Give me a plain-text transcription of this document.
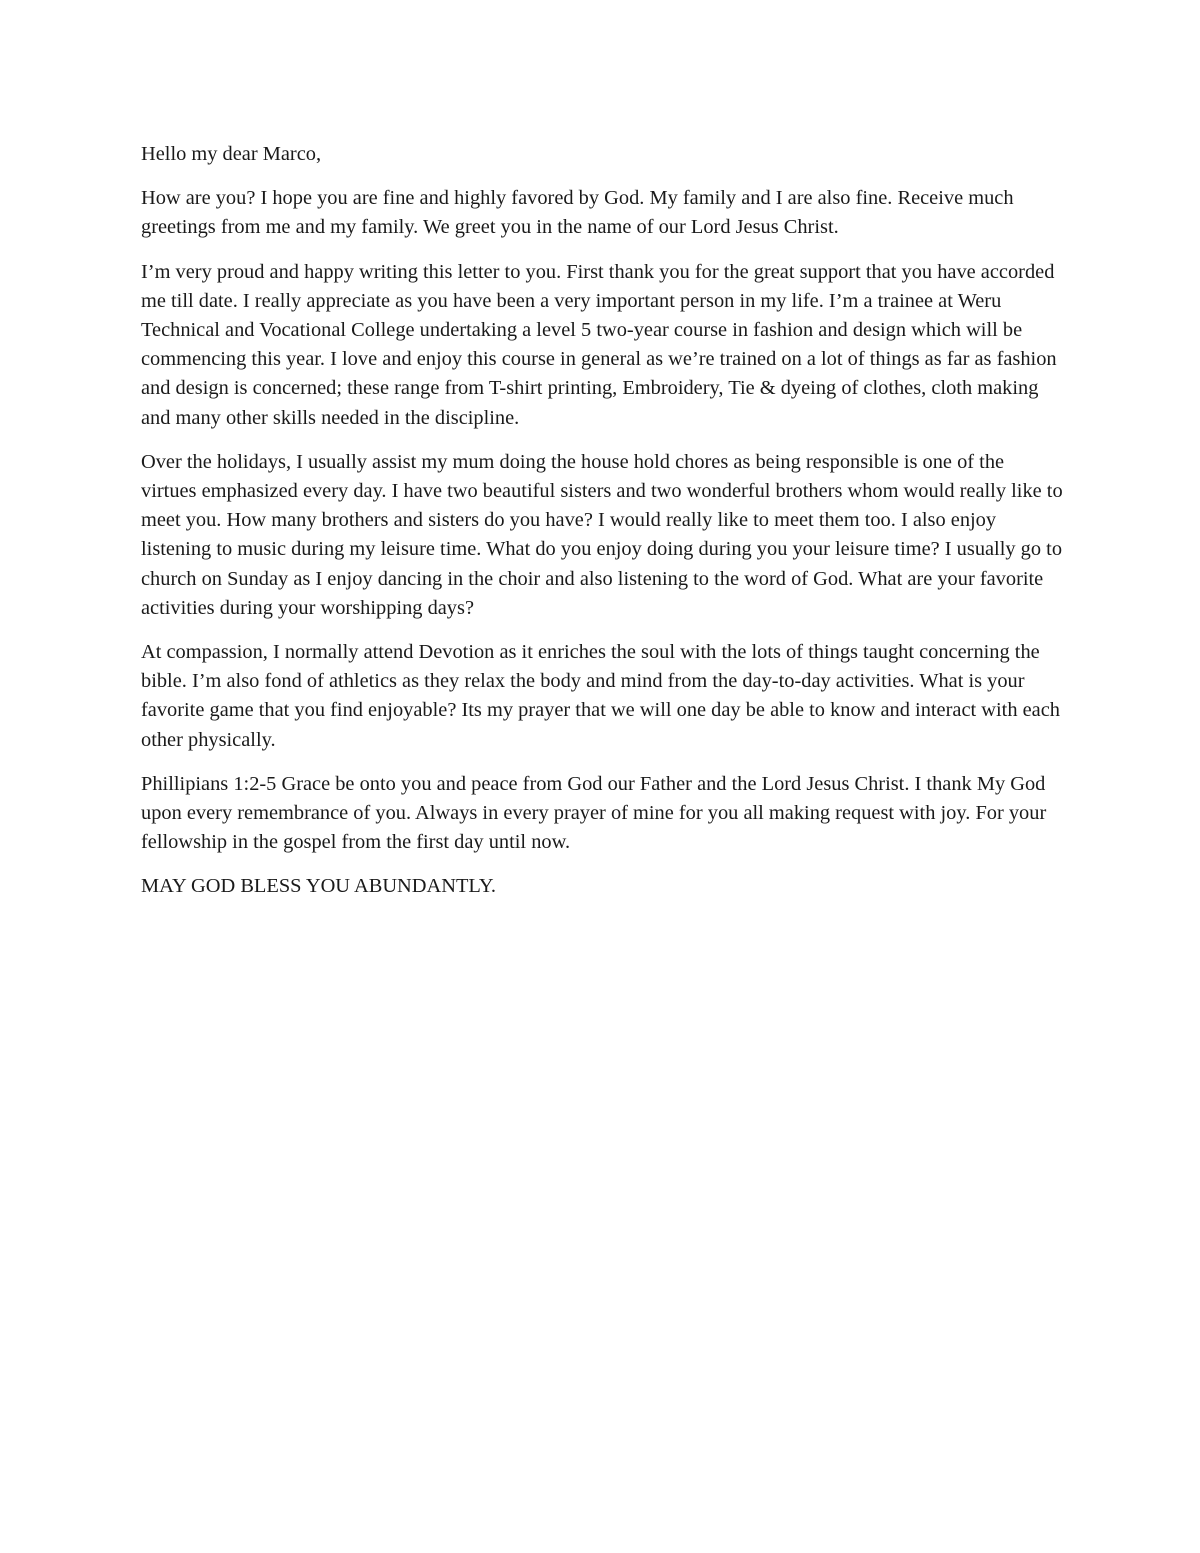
Hello my dear Marco,

How are you? I hope you are fine and highly favored by God. My family and I are also fine. Receive much greetings from me and my family. We greet you in the name of our Lord Jesus Christ.

I’m very proud and happy writing this letter to you. First thank you for the great support that you have accorded me till date. I really appreciate as you have been a very important person in my life. I’m a trainee at Weru Technical and Vocational College undertaking a level 5 two-year course in fashion and design which will be commencing this year. I love and enjoy this course in general as we’re trained on a lot of things as far as fashion and design is concerned; these range from T-shirt printing, Embroidery, Tie & dyeing of clothes, cloth making and many other skills needed in the discipline.

Over the holidays, I usually assist my mum doing the house hold chores as being responsible is one of the virtues emphasized every day. I have two beautiful sisters and two wonderful brothers whom would really like to meet you. How many brothers and sisters do you have? I would really like to meet them too. I also enjoy listening to music during my leisure time. What do you enjoy doing during you your leisure time? I usually go to church on Sunday as I enjoy dancing in the choir and also listening to the word of God. What are your favorite activities during your worshipping days?

At compassion, I normally attend Devotion as it enriches the soul with the lots of things taught concerning the bible. I’m also fond of athletics as they relax the body and mind from the day-to-day activities. What is your favorite game that you find enjoyable? Its my prayer that we will one day be able to know and interact with each other physically.

Phillipians 1:2-5 Grace be onto you and peace from God our Father and the Lord Jesus Christ. I thank My God upon every remembrance of you. Always in every prayer of mine for you all making request with joy. For your fellowship in the gospel from the first day until now.

MAY GOD BLESS YOU ABUNDANTLY.
